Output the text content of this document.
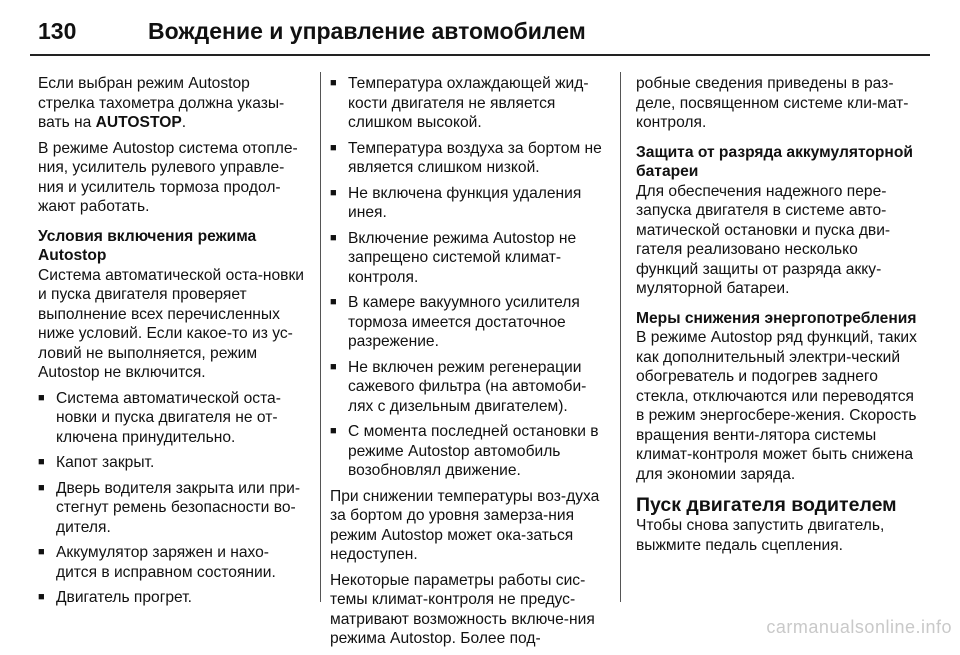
130	Вождение и управление автомобилем

Если выбран режим Autostop стрелка тахометра должна указы-вать на AUTOSTOP.

В режиме Autostop система отопле-ния, усилитель рулевого управле-ния и усилитель тормоза продол-жают работать.

Условия включения режима Autostop

Система автоматической оста-новки и пуска двигателя проверяет выполнение всех перечисленных ниже условий. Если какое-то из ус-ловий не выполняется, режим Autostop не включится.

■ Система автоматической оста-новки и пуска двигателя не от-ключена принудительно.
■ Капот закрыт.
■ Дверь водителя закрыта или при-стегнут ремень безопасности во-дителя.
■ Аккумулятор заряжен и нахо-дится в исправном состоянии.
■ Двигатель прогрет.
■ Температура охлаждающей жид-кости двигателя не является слишком высокой.
■ Температура воздуха за бортом не является слишком низкой.
■ Не включена функция удаления инея.
■ Включение режима Autostop не запрещено системой климат-контроля.
■ В камере вакуумного усилителя тормоза имеется достаточное разрежение.
■ Не включен режим регенерации сажевого фильтра (на автомоби-лях с дизельным двигателем).
■ С момента последней остановки в режиме Autostop автомобиль возобновлял движение.

При снижении температуры воз-духа за бортом до уровня замерза-ния режим Autostop может ока-заться недоступен.

Некоторые параметры работы сис-темы климат-контроля не предус-матривают возможность включе-ния режима Autostop. Более под-

робные сведения приведены в раз-деле, посвященном системе кли-мат-контроля.

Защита от разряда аккумуляторной батареи

Для обеспечения надежного пере-запуска двигателя в системе авто-матической остановки и пуска дви-гателя реализовано несколько функций защиты от разряда акку-муляторной батареи.

Меры снижения энергопотребления

В режиме Autostop ряд функций, таких как дополнительный электри-ческий обогреватель и подогрев заднего стекла, отключаются или переводятся в режим энергосбере-жения. Скорость вращения венти-лятора системы климат-контроля может быть снижена для экономии заряда.

Пуск двигателя водителем

Чтобы снова запустить двигатель, выжмите педаль сцепления.

carmanualsonline.info
